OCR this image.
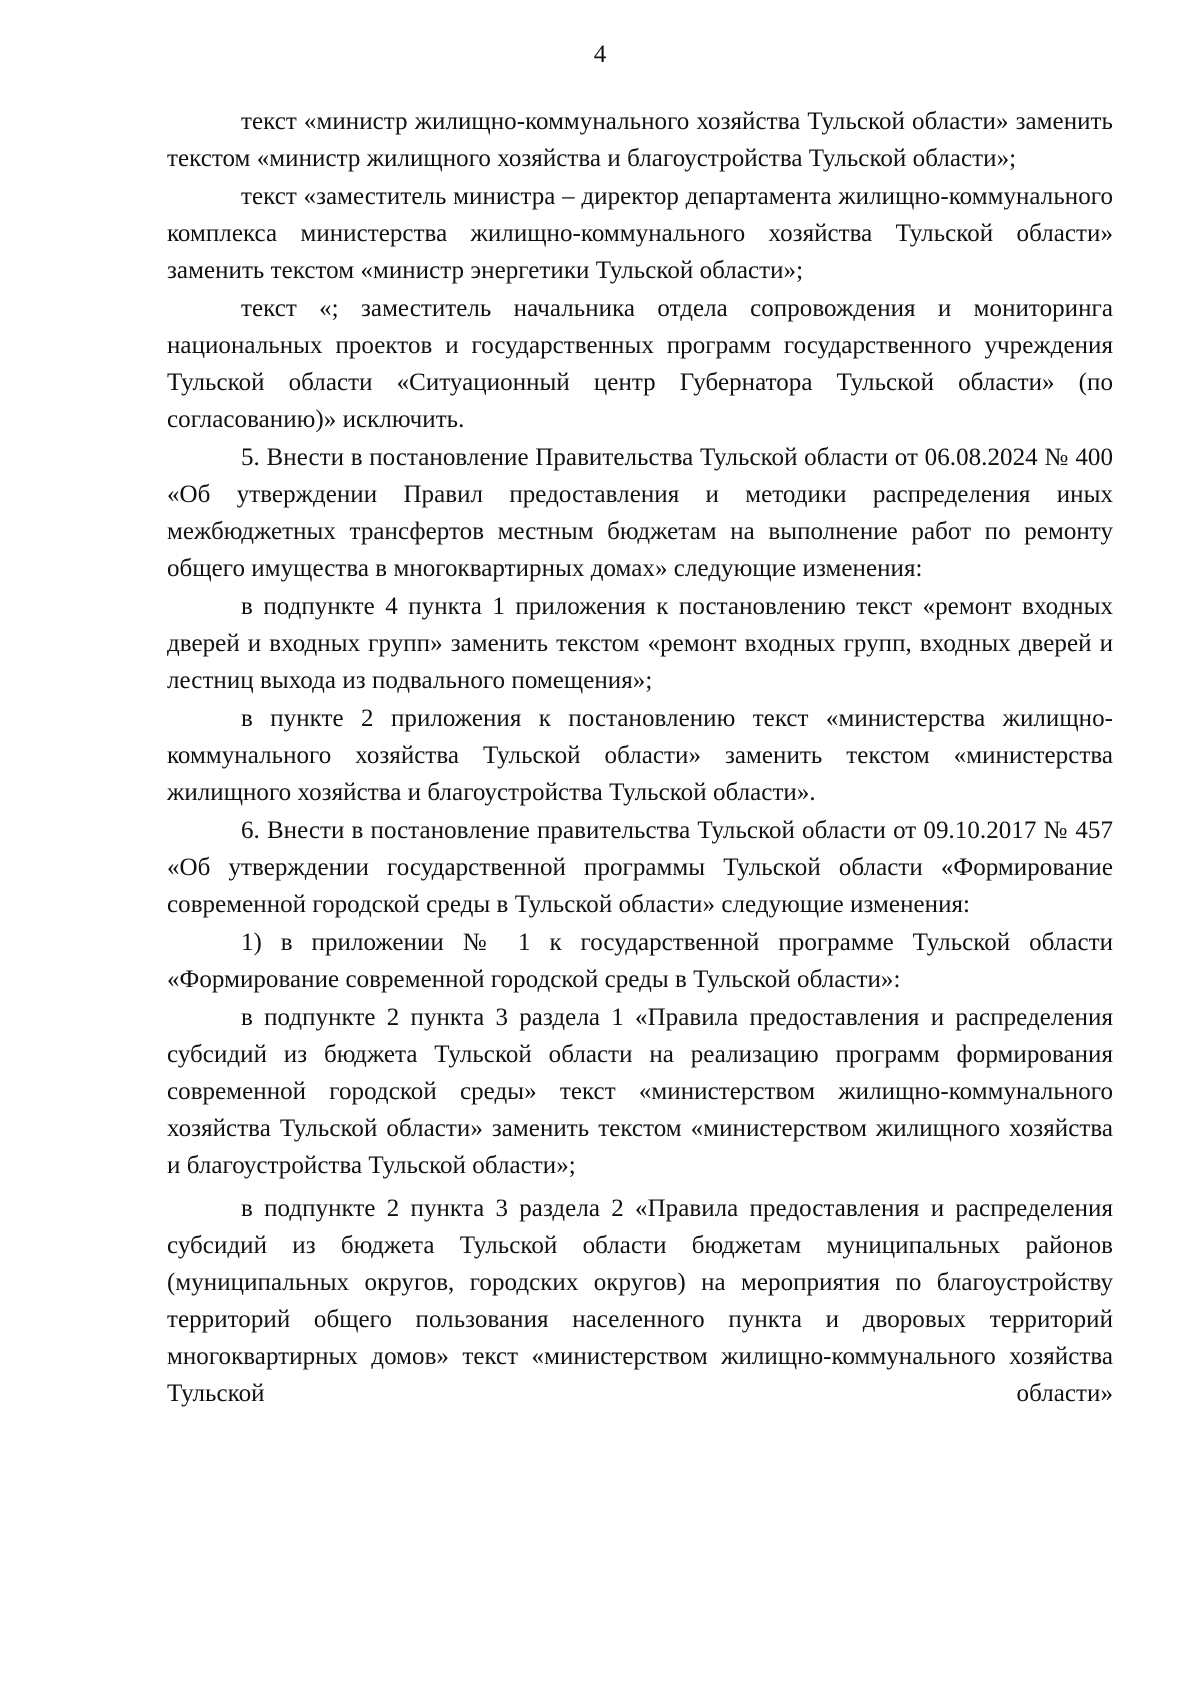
4

текст «министр жилищно-коммунального хозяйства Тульской области» заменить текстом «министр жилищного хозяйства и благоустройства Тульской области»;

текст «заместитель министра – директор департамента жилищно-коммунального комплекса министерства жилищно-коммунального хозяйства Тульской области» заменить текстом «министр энергетики Тульской области»;

текст «; заместитель начальника отдела сопровождения и мониторинга национальных проектов и государственных программ государственного учреждения Тульской области «Ситуационный центр Губернатора Тульской области» (по согласованию)» исключить.

5. Внести в постановление Правительства Тульской области от 06.08.2024 № 400 «Об утверждении Правил предоставления и методики распределения иных межбюджетных трансфертов местным бюджетам на выполнение работ по ремонту общего имущества в многоквартирных домах» следующие изменения:

в подпункте 4 пункта 1 приложения к постановлению текст «ремонт входных дверей и входных групп» заменить текстом «ремонт входных групп, входных дверей и лестниц выхода из подвального помещения»;

в пункте 2 приложения к постановлению текст «министерства жилищно-коммунального хозяйства Тульской области» заменить текстом «министерства жилищного хозяйства и благоустройства Тульской области».

6. Внести в постановление правительства Тульской области от 09.10.2017 № 457 «Об утверждении государственной программы Тульской области «Формирование современной городской среды в Тульской области» следующие изменения:

1) в приложении № 1 к государственной программе Тульской области «Формирование современной городской среды в Тульской области»:

в подпункте 2 пункта 3 раздела 1 «Правила предоставления и распределения субсидий из бюджета Тульской области на реализацию программ формирования современной городской среды» текст «министерством жилищно-коммунального хозяйства Тульской области» заменить текстом «министерством жилищного хозяйства и благоустройства Тульской области»;

в подпункте 2 пункта 3 раздела 2 «Правила предоставления и распределения субсидий из бюджета Тульской области бюджетам муниципальных районов (муниципальных округов, городских округов) на мероприятия по благоустройству территорий общего пользования населенного пункта и дворовых территорий многоквартирных домов» текст «министерством жилищно-коммунального хозяйства Тульской области»
